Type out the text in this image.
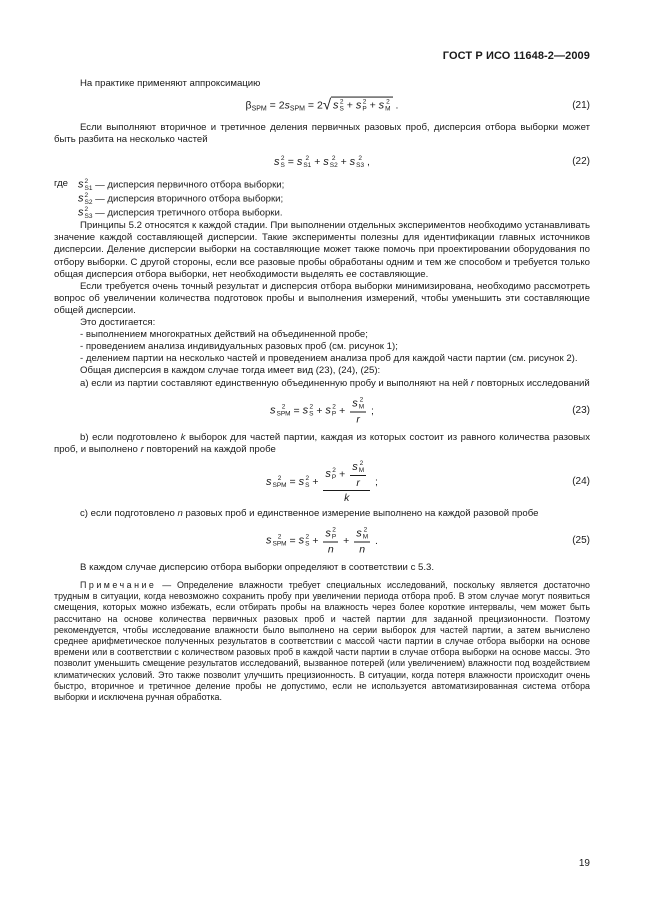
ГОСТ Р ИСО 11648-2—2009

На практике применяют аппроксимацию

$\beta_{SPM} = 2s_{SPM} = 2$ √ s 2
S + s 2
P + s 2
M .	(21)

Если выполняют вторичное и третичное деления первичных разовых проб, дисперсия отбора выборки может быть разбита на несколько частей

s 2
S = s 2
S1 + s 2
S2 + s 2
S3 ,	(22)
где s 2
S1 — дисперсия первичного отбора выборки;
s 2
S2 — дисперсия вторичного отбора выборки;
s 2
S3 — дисперсия третичного отбора выборки.

Принципы 5.2 относятся к каждой стадии. При выполнении отдельных экспериментов необходимо устанавливать значение каждой составляющей дисперсии. Такие эксперименты полезны для идентификации главных источников дисперсии. Деление дисперсии выборки на составляющие может также помочь при проектировании оборудования по отбору выборки. С другой стороны, если все разовые пробы обработаны одним и тем же способом и требуется только общая дисперсия отбора выборки, нет необходимости выделять ее составляющие.

Если требуется очень точный результат и дисперсия отбора выборки минимизирована, необходимо рассмотреть вопрос об увеличении количества подготовок пробы и выполнения измерений, чтобы уменьшить эти составляющие общей дисперсии.

Это достигается:

- выполнением многократных действий на объединенной пробе;

- проведением анализа индивидуальных разовых проб (см. рисунок 1);

- делением партии на несколько частей и проведением анализа проб для каждой части партии (см. рисунок 2).

Общая дисперсия в каждом случае тогда имеет вид (23), (24), (25):

a) если из партии составляют единственную объединенную пробу и выполняют на ней r повторных исследований

s 2
SPM = s 2
S + s 2
P + s 2
M
r ;	(23)

b) если подготовлено k выборок для частей партии, каждая из которых состоит из равного количества разовых проб, и выполнено r повторений на каждой пробе

s 2
SPM = s 2
S + s 2
P + s 2
M
r
k ;	(24)

c) если подготовлено n разовых проб и единственное измерение выполнено на каждой разовой пробе

s 2
SPM = s 2
S + s 2
P
n + s 2
M
n .	(25)

В каждом случае дисперсию отбора выборки определяют в соответствии с 5.3.

Примечание — Определение влажности требует специальных исследований, поскольку является достаточно трудным в ситуации, когда невозможно сохранить пробу при увеличении периода отбора проб. В этом случае могут появиться смещения, которых можно избежать, если отбирать пробы на влажность через более короткие интервалы, чем может быть рассчитано на основе количества первичных разовых проб и частей партии для заданной прецизионности. Поэтому рекомендуется, чтобы исследование влажности было выполнено на серии выборок для частей партии, а затем вычислено среднее арифметическое полученных результатов в соответствии с массой части партии в случае отбора выборки на основе времени или в соответствии с количеством разовых проб в каждой части партии в случае отбора выборки на основе массы. Это позволит уменьшить смещение результатов исследований, вызванное потерей (или увеличением) влажности под воздействием климатических условий. Это также позволит улучшить прецизионность. В ситуации, когда потеря влажности происходит очень быстро, вторичное и третичное деление пробы не допустимо, если не используется автоматизированная система отбора выборки и исключена ручная обработка.

19
